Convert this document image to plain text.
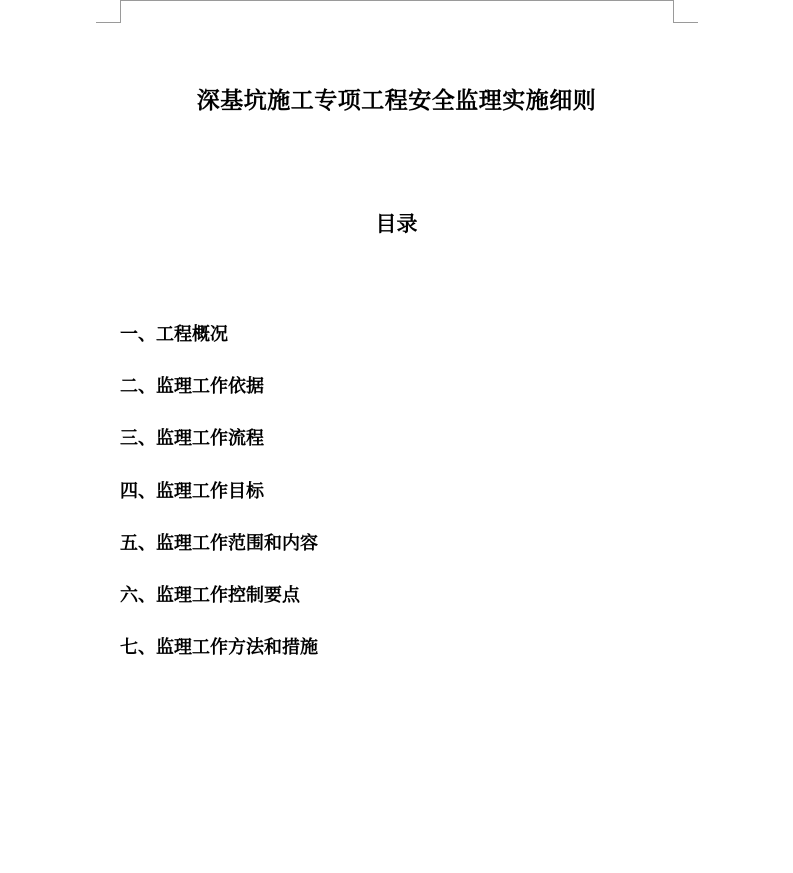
深基坑施工专项工程安全监理实施细则
目录
一、工程概况
二、监理工作依据
三、监理工作流程
四、监理工作目标
五、监理工作范围和内容
六、监理工作控制要点
七、监理工作方法和措施
